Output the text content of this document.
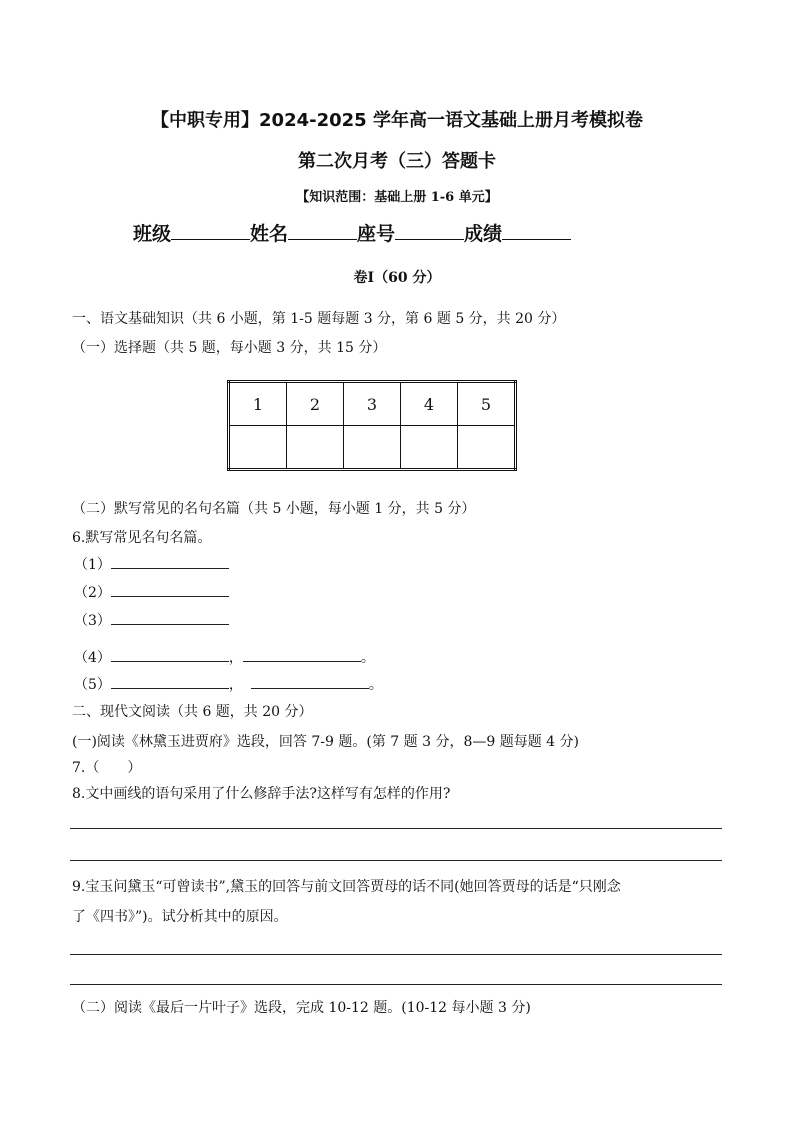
【中职专用】2024-2025 学年高一语文基础上册月考模拟卷
第二次月考（三）答题卡
【知识范围：基础上册 1-6 单元】
班级	姓名	座号	成绩
卷Ⅰ（60 分）
一、语文基础知识（共 6 小题，第 1-5 题每题 3 分，第 6 题 5 分，共 20 分）
（一）选择题（共 5 题，每小题 3 分，共 15 分）
1	2	3	4	5

（二）默写常见的名句名篇（共 5 小题，每小题 1 分，共 5 分）
6.默写常见名句名篇。
（1）
（2）
（3）
（4）	，	。
（5）	，	。
二、现代文阅读（共 6 题，共 20 分）
(一)阅读《林黛玉进贾府》选段，回答 7-9 题。(第 7 题 3 分，8—9 题每题 4 分)
7.（　　）
8.文中画线的语句采用了什么修辞手法?这样写有怎样的作用?
9.宝玉问黛玉“可曾读书”,黛玉的回答与前文回答贾母的话不同(她回答贾母的话是“只刚念
了《四书》”)。试分析其中的原因。
（二）阅读《最后一片叶子》选段，完成 10-12 题。(10-12 每小题 3 分)
